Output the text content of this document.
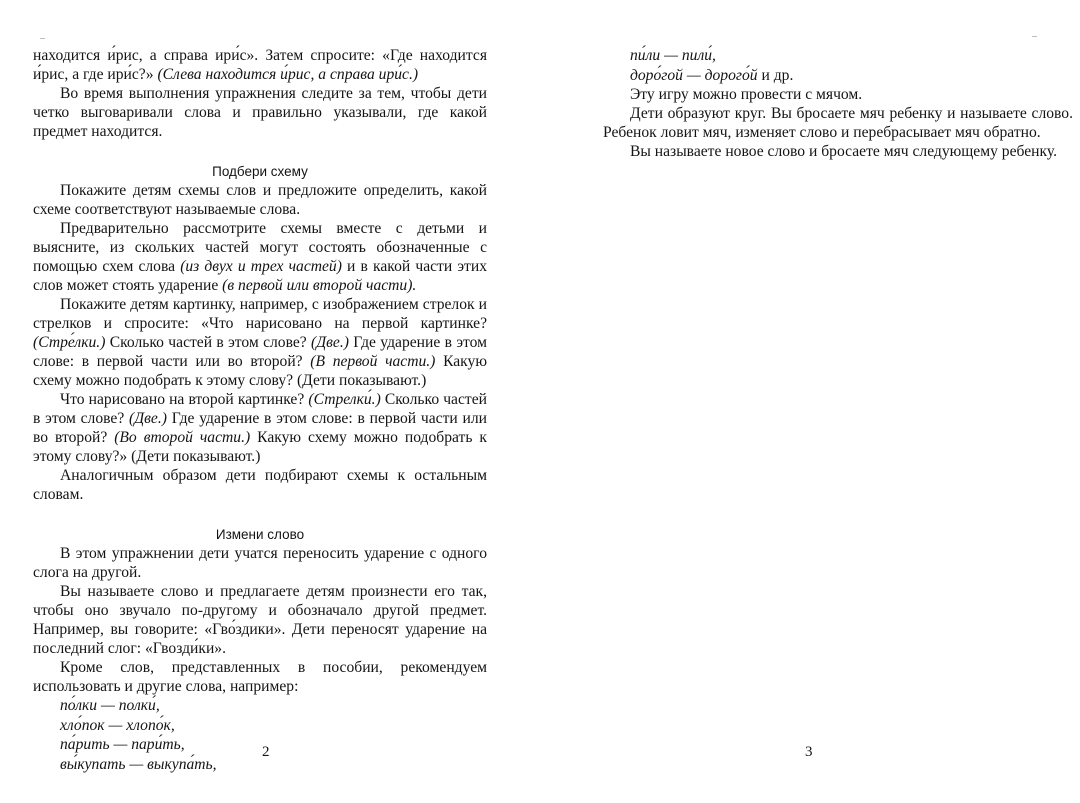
находится и́рис, а справа ири́с». Затем спросите: «Где находится и́рис, а где ири́с?» (Слева находится и́рис, а справа ири́с.)

Во время выполнения упражнения следите за тем, чтобы дети четко выговаривали слова и правильно указывали, где какой предмет находится.

Подбери схему

Покажите детям схемы слов и предложите определить, какой схеме соответствуют называемые слова.

Предварительно рассмотрите схемы вместе с детьми и выясните, из скольких частей могут состоять обозначенные с помощью схем слова (из двух и трех частей) и в какой части этих слов может стоять ударение (в первой или второй части).

Покажите детям картинку, например, с изображением стрелок и стрелков и спросите: «Что нарисовано на первой картинке? (Стре́лки.) Сколько частей в этом слове? (Две.) Где ударение в этом слове: в первой части или во второй? (В первой части.) Какую схему можно подобрать к этому слову? (Дети показывают.)

Что нарисовано на второй картинке? (Стрелки́.) Сколько частей в этом слове? (Две.) Где ударение в этом слове: в первой части или во второй? (Во второй части.) Какую схему можно подобрать к этому слову?» (Дети показывают.)

Аналогичным образом дети подбирают схемы к остальным словам.

Измени слово

В этом упражнении дети учатся переносить ударение с одного слога на другой.

Вы называете слово и предлагаете детям произнести его так, чтобы оно звучало по-другому и обозначало другой предмет. Например, вы говорите: «Гво́здики». Дети переносят ударение на последний слог: «Гвозди́ки».

Кроме слов, представленных в пособии, рекомендуем использовать и другие слова, например:

по́лки — полки́,
хло́пок — хлопо́к,
па́рить — пари́ть,
вы́купать — выкупа́ть,
2
пи́ли — пили́,
доро́гой — дорого́й и др.

Эту игру можно провести с мячом.

Дети образуют круг. Вы бросаете мяч ребенку и называете слово. Ребенок ловит мяч, изменяет слово и перебрасывает мяч обратно.

Вы называете новое слово и бросаете мяч следующему ребенку.

3
